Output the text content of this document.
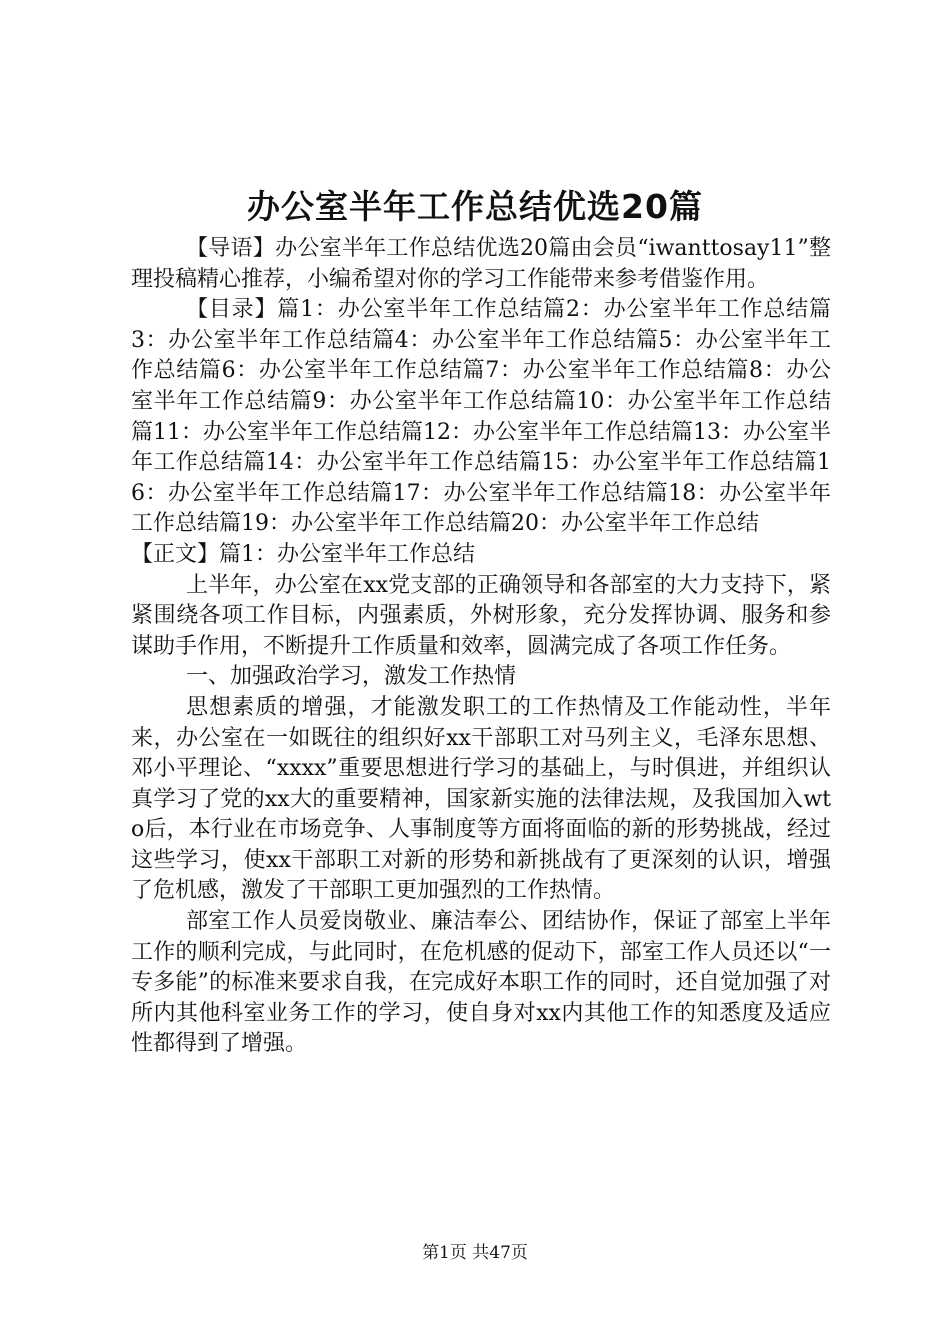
办公室半年工作总结优选20篇

【导语】办公室半年工作总结优选20篇由会员“iwanttosay11”整理投稿精心推荐，小编希望对你的学习工作能带来参考借鉴作用。

【目录】篇1：办公室半年工作总结篇2：办公室半年工作总结篇3：办公室半年工作总结篇4：办公室半年工作总结篇5：办公室半年工作总结篇6：办公室半年工作总结篇7：办公室半年工作总结篇8：办公室半年工作总结篇9：办公室半年工作总结篇10：办公室半年工作总结篇11：办公室半年工作总结篇12：办公室半年工作总结篇13：办公室半年工作总结篇14：办公室半年工作总结篇15：办公室半年工作总结篇16：办公室半年工作总结篇17：办公室半年工作总结篇18：办公室半年工作总结篇19：办公室半年工作总结篇20：办公室半年工作总结

【正文】篇1：办公室半年工作总结

上半年，办公室在xx党支部的正确领导和各部室的大力支持下，紧紧围绕各项工作目标，内强素质，外树形象，充分发挥协调、服务和参谋助手作用，不断提升工作质量和效率，圆满完成了各项工作任务。

一、加强政治学习，激发工作热情

思想素质的增强，才能激发职工的工作热情及工作能动性，半年来，办公室在一如既往的组织好xx干部职工对马列主义，毛泽东思想、邓小平理论、“xxxx”重要思想进行学习的基础上，与时俱进，并组织认真学习了党的xx大的重要精神，国家新实施的法律法规，及我国加入wto后，本行业在市场竞争、人事制度等方面将面临的新的形势挑战，经过这些学习，使xx干部职工对新的形势和新挑战有了更深刻的认识，增强了危机感，激发了干部职工更加强烈的工作热情。

部室工作人员爱岗敬业、廉洁奉公、团结协作，保证了部室上半年工作的顺利完成，与此同时，在危机感的促动下，部室工作人员还以“一专多能”的标准来要求自我，在完成好本职工作的同时，还自觉加强了对所内其他科室业务工作的学习，使自身对xx内其他工作的知悉度及适应性都得到了增强。

第1页 共47页
